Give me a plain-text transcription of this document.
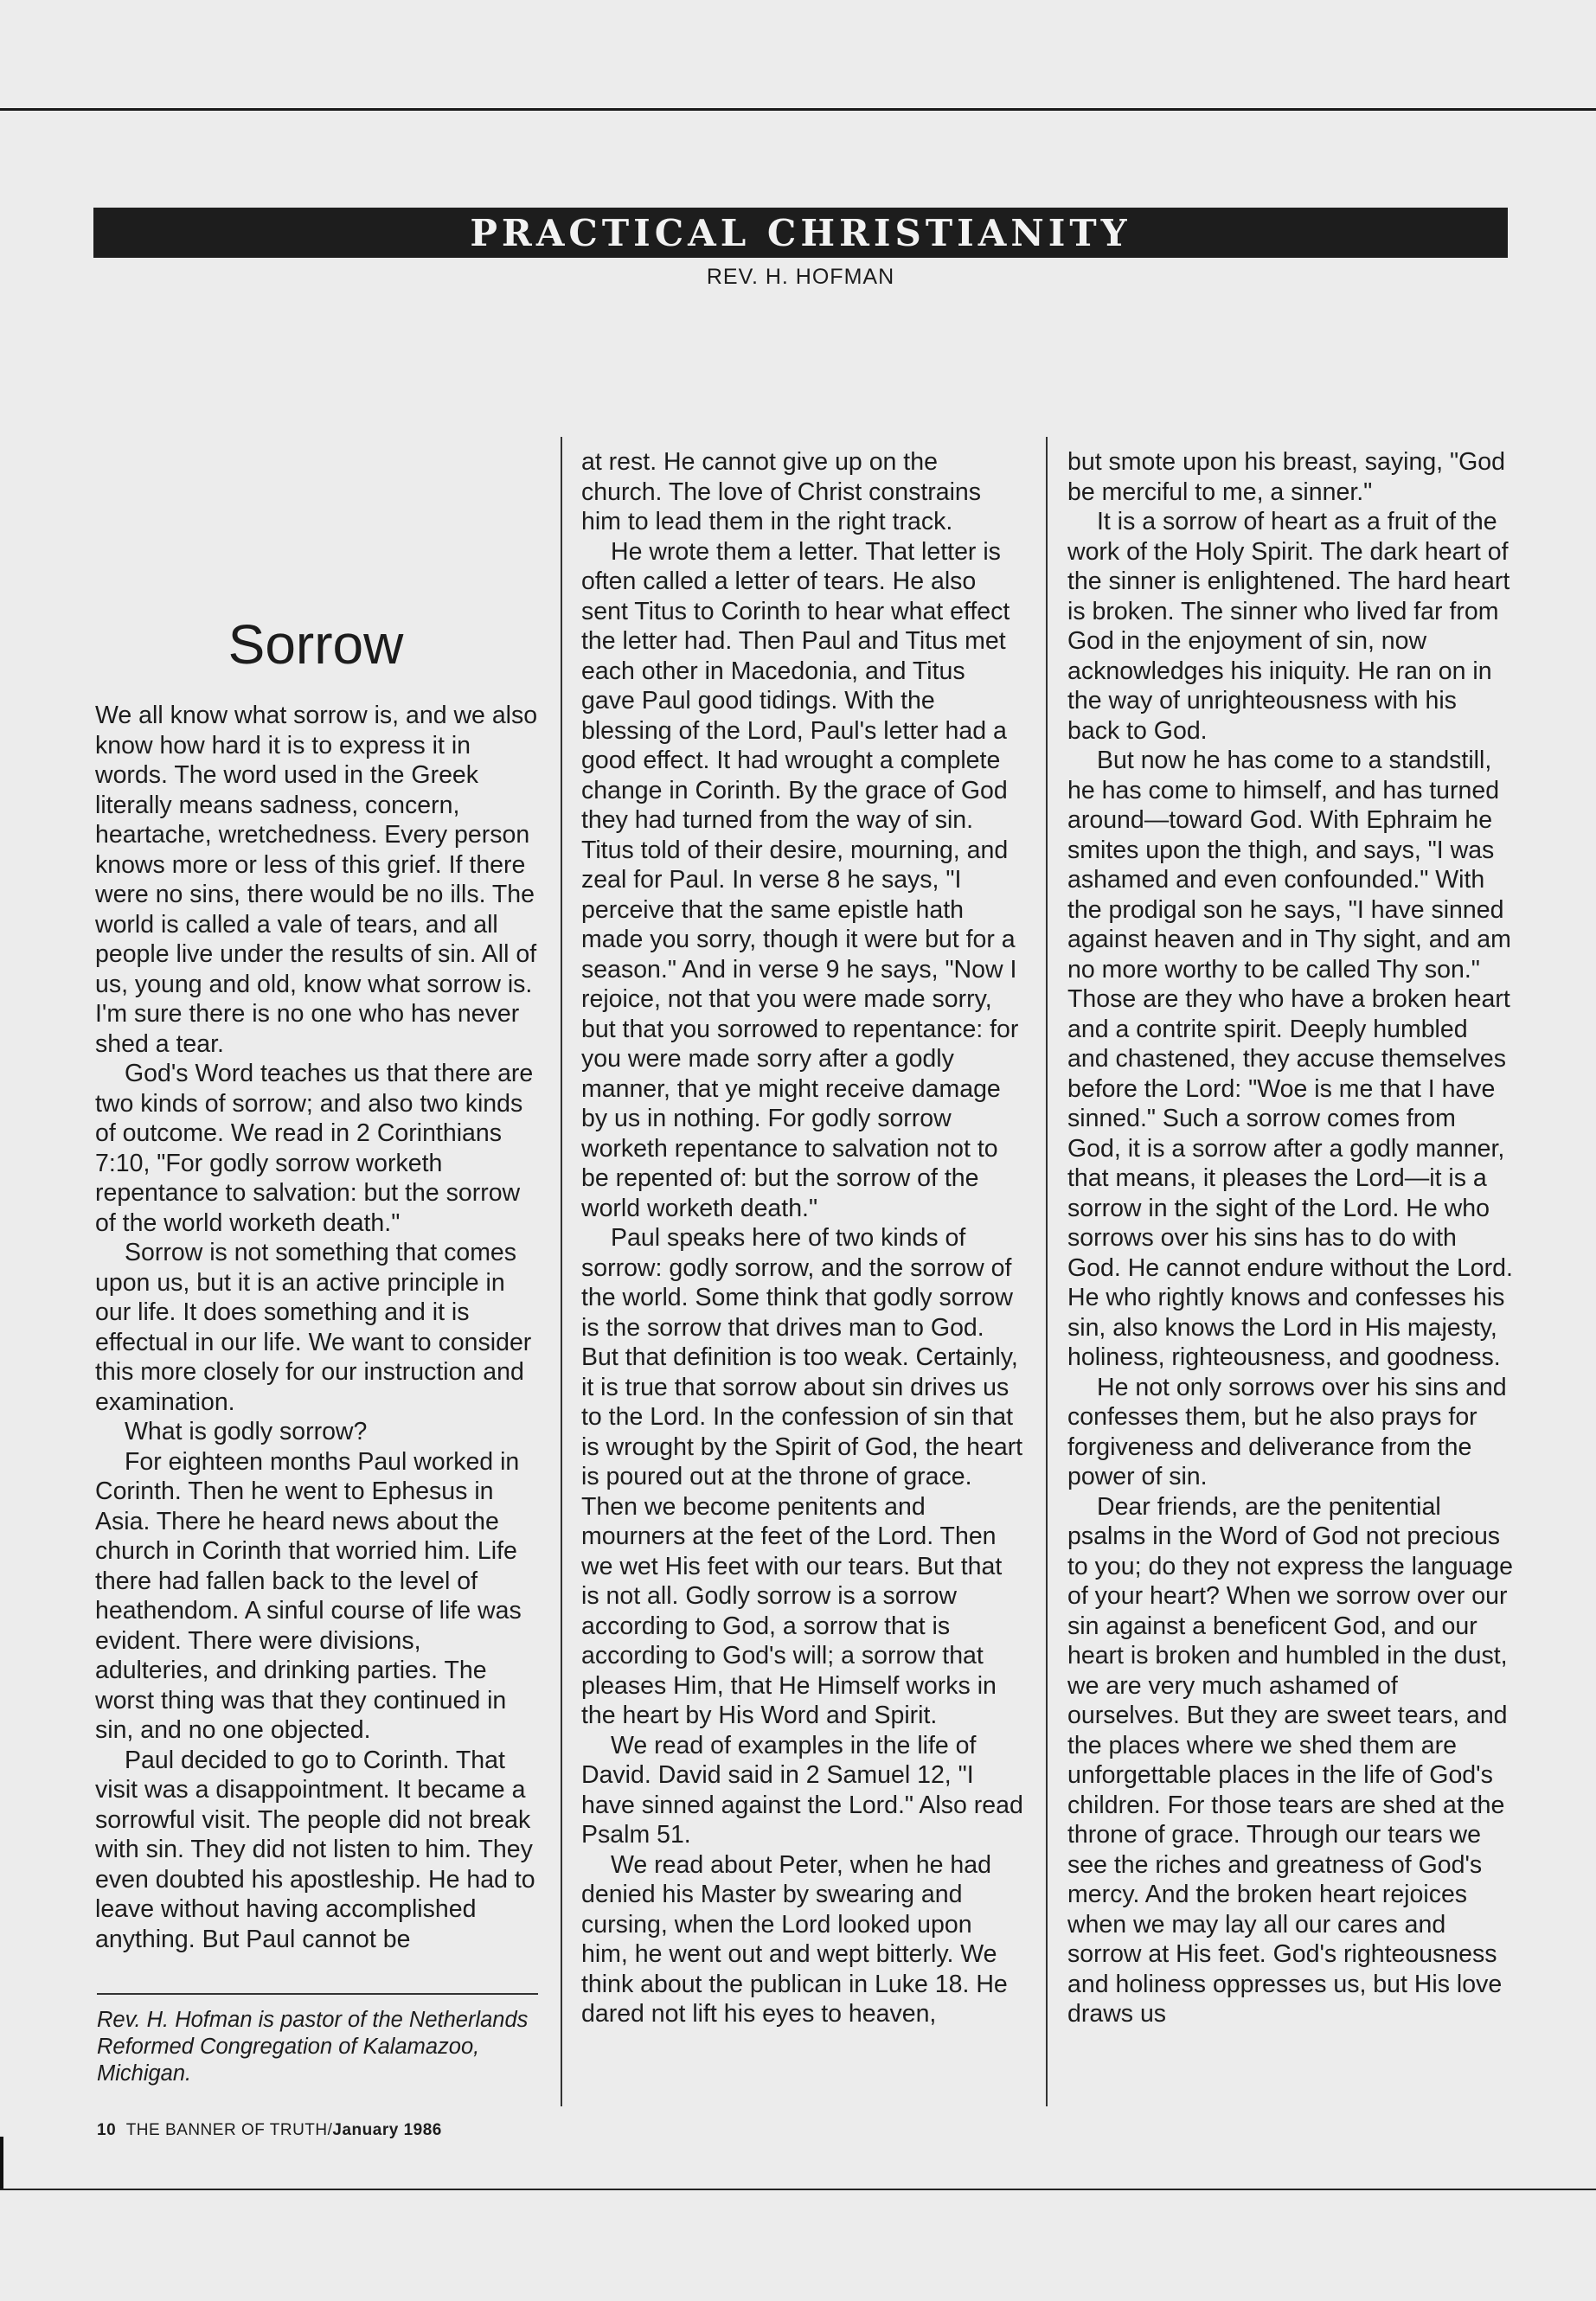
PRACTICAL CHRISTIANITY
REV. H. HOFMAN
Sorrow

We all know what sorrow is, and we also know how hard it is to express it in words. The word used in the Greek literally means sadness, concern, heartache, wretchedness. Every person knows more or less of this grief. If there were no sins, there would be no ills. The world is called a vale of tears, and all people live under the results of sin. All of us, young and old, know what sorrow is. I'm sure there is no one who has never shed a tear.

God's Word teaches us that there are two kinds of sorrow; and also two kinds of outcome. We read in 2 Corinthians 7:10, "For godly sorrow worketh repentance to salvation: but the sorrow of the world worketh death."

Sorrow is not something that comes upon us, but it is an active principle in our life. It does something and it is effectual in our life. We want to consider this more closely for our instruction and examination.

What is godly sorrow?

For eighteen months Paul worked in Corinth. Then he went to Ephesus in Asia. There he heard news about the church in Corinth that worried him. Life there had fallen back to the level of heathendom. A sinful course of life was evident. There were divisions, adulteries, and drinking parties. The worst thing was that they continued in sin, and no one objected.

Paul decided to go to Corinth. That visit was a disappointment. It became a sorrowful visit. The people did not break with sin. They did not listen to him. They even doubted his apostleship. He had to leave without having accomplished anything. But Paul cannot be

at rest. He cannot give up on the church. The love of Christ constrains him to lead them in the right track.

He wrote them a letter. That letter is often called a letter of tears. He also sent Titus to Corinth to hear what effect the letter had. Then Paul and Titus met each other in Macedonia, and Titus gave Paul good tidings. With the blessing of the Lord, Paul's letter had a good effect. It had wrought a complete change in Corinth. By the grace of God they had turned from the way of sin. Titus told of their desire, mourning, and zeal for Paul. In verse 8 he says, "I perceive that the same epistle hath made you sorry, though it were but for a season." And in verse 9 he says, "Now I rejoice, not that you were made sorry, but that you sorrowed to repentance: for you were made sorry after a godly manner, that ye might receive damage by us in nothing. For godly sorrow worketh repentance to salvation not to be repented of: but the sorrow of the world worketh death."

Paul speaks here of two kinds of sorrow: godly sorrow, and the sorrow of the world. Some think that godly sorrow is the sorrow that drives man to God. But that definition is too weak. Certainly, it is true that sorrow about sin drives us to the Lord. In the confession of sin that is wrought by the Spirit of God, the heart is poured out at the throne of grace. Then we become penitents and mourners at the feet of the Lord. Then we wet His feet with our tears. But that is not all. Godly sorrow is a sorrow according to God, a sorrow that is according to God's will; a sorrow that pleases Him, that He Himself works in the heart by His Word and Spirit.

We read of examples in the life of David. David said in 2 Samuel 12, "I have sinned against the Lord." Also read Psalm 51.

We read about Peter, when he had denied his Master by swearing and cursing, when the Lord looked upon him, he went out and wept bitterly. We think about the publican in Luke 18. He dared not lift his eyes to heaven,

but smote upon his breast, saying, "God be merciful to me, a sinner."

It is a sorrow of heart as a fruit of the work of the Holy Spirit. The dark heart of the sinner is enlightened. The hard heart is broken. The sinner who lived far from God in the enjoyment of sin, now acknowledges his iniquity. He ran on in the way of unrighteousness with his back to God.

But now he has come to a standstill, he has come to himself, and has turned around—toward God. With Ephraim he smites upon the thigh, and says, "I was ashamed and even confounded." With the prodigal son he says, "I have sinned against heaven and in Thy sight, and am no more worthy to be called Thy son." Those are they who have a broken heart and a contrite spirit. Deeply humbled and chastened, they accuse themselves before the Lord: "Woe is me that I have sinned." Such a sorrow comes from God, it is a sorrow after a godly manner, that means, it pleases the Lord—it is a sorrow in the sight of the Lord. He who sorrows over his sins has to do with God. He cannot endure without the Lord. He who rightly knows and confesses his sin, also knows the Lord in His majesty, holiness, righteousness, and goodness.

He not only sorrows over his sins and confesses them, but he also prays for forgiveness and deliverance from the power of sin.

Dear friends, are the penitential psalms in the Word of God not precious to you; do they not express the language of your heart? When we sorrow over our sin against a beneficent God, and our heart is broken and humbled in the dust, we are very much ashamed of ourselves. But they are sweet tears, and the places where we shed them are unforgettable places in the life of God's children. For those tears are shed at the throne of grace. Through our tears we see the riches and greatness of God's mercy. And the broken heart rejoices when we may lay all our cares and sorrow at His feet. God's righteousness and holiness oppresses us, but His love draws us

Rev. H. Hofman is pastor of the Netherlands Reformed Congregation of Kalamazoo, Michigan.
10 THE BANNER OF TRUTH/January 1986
